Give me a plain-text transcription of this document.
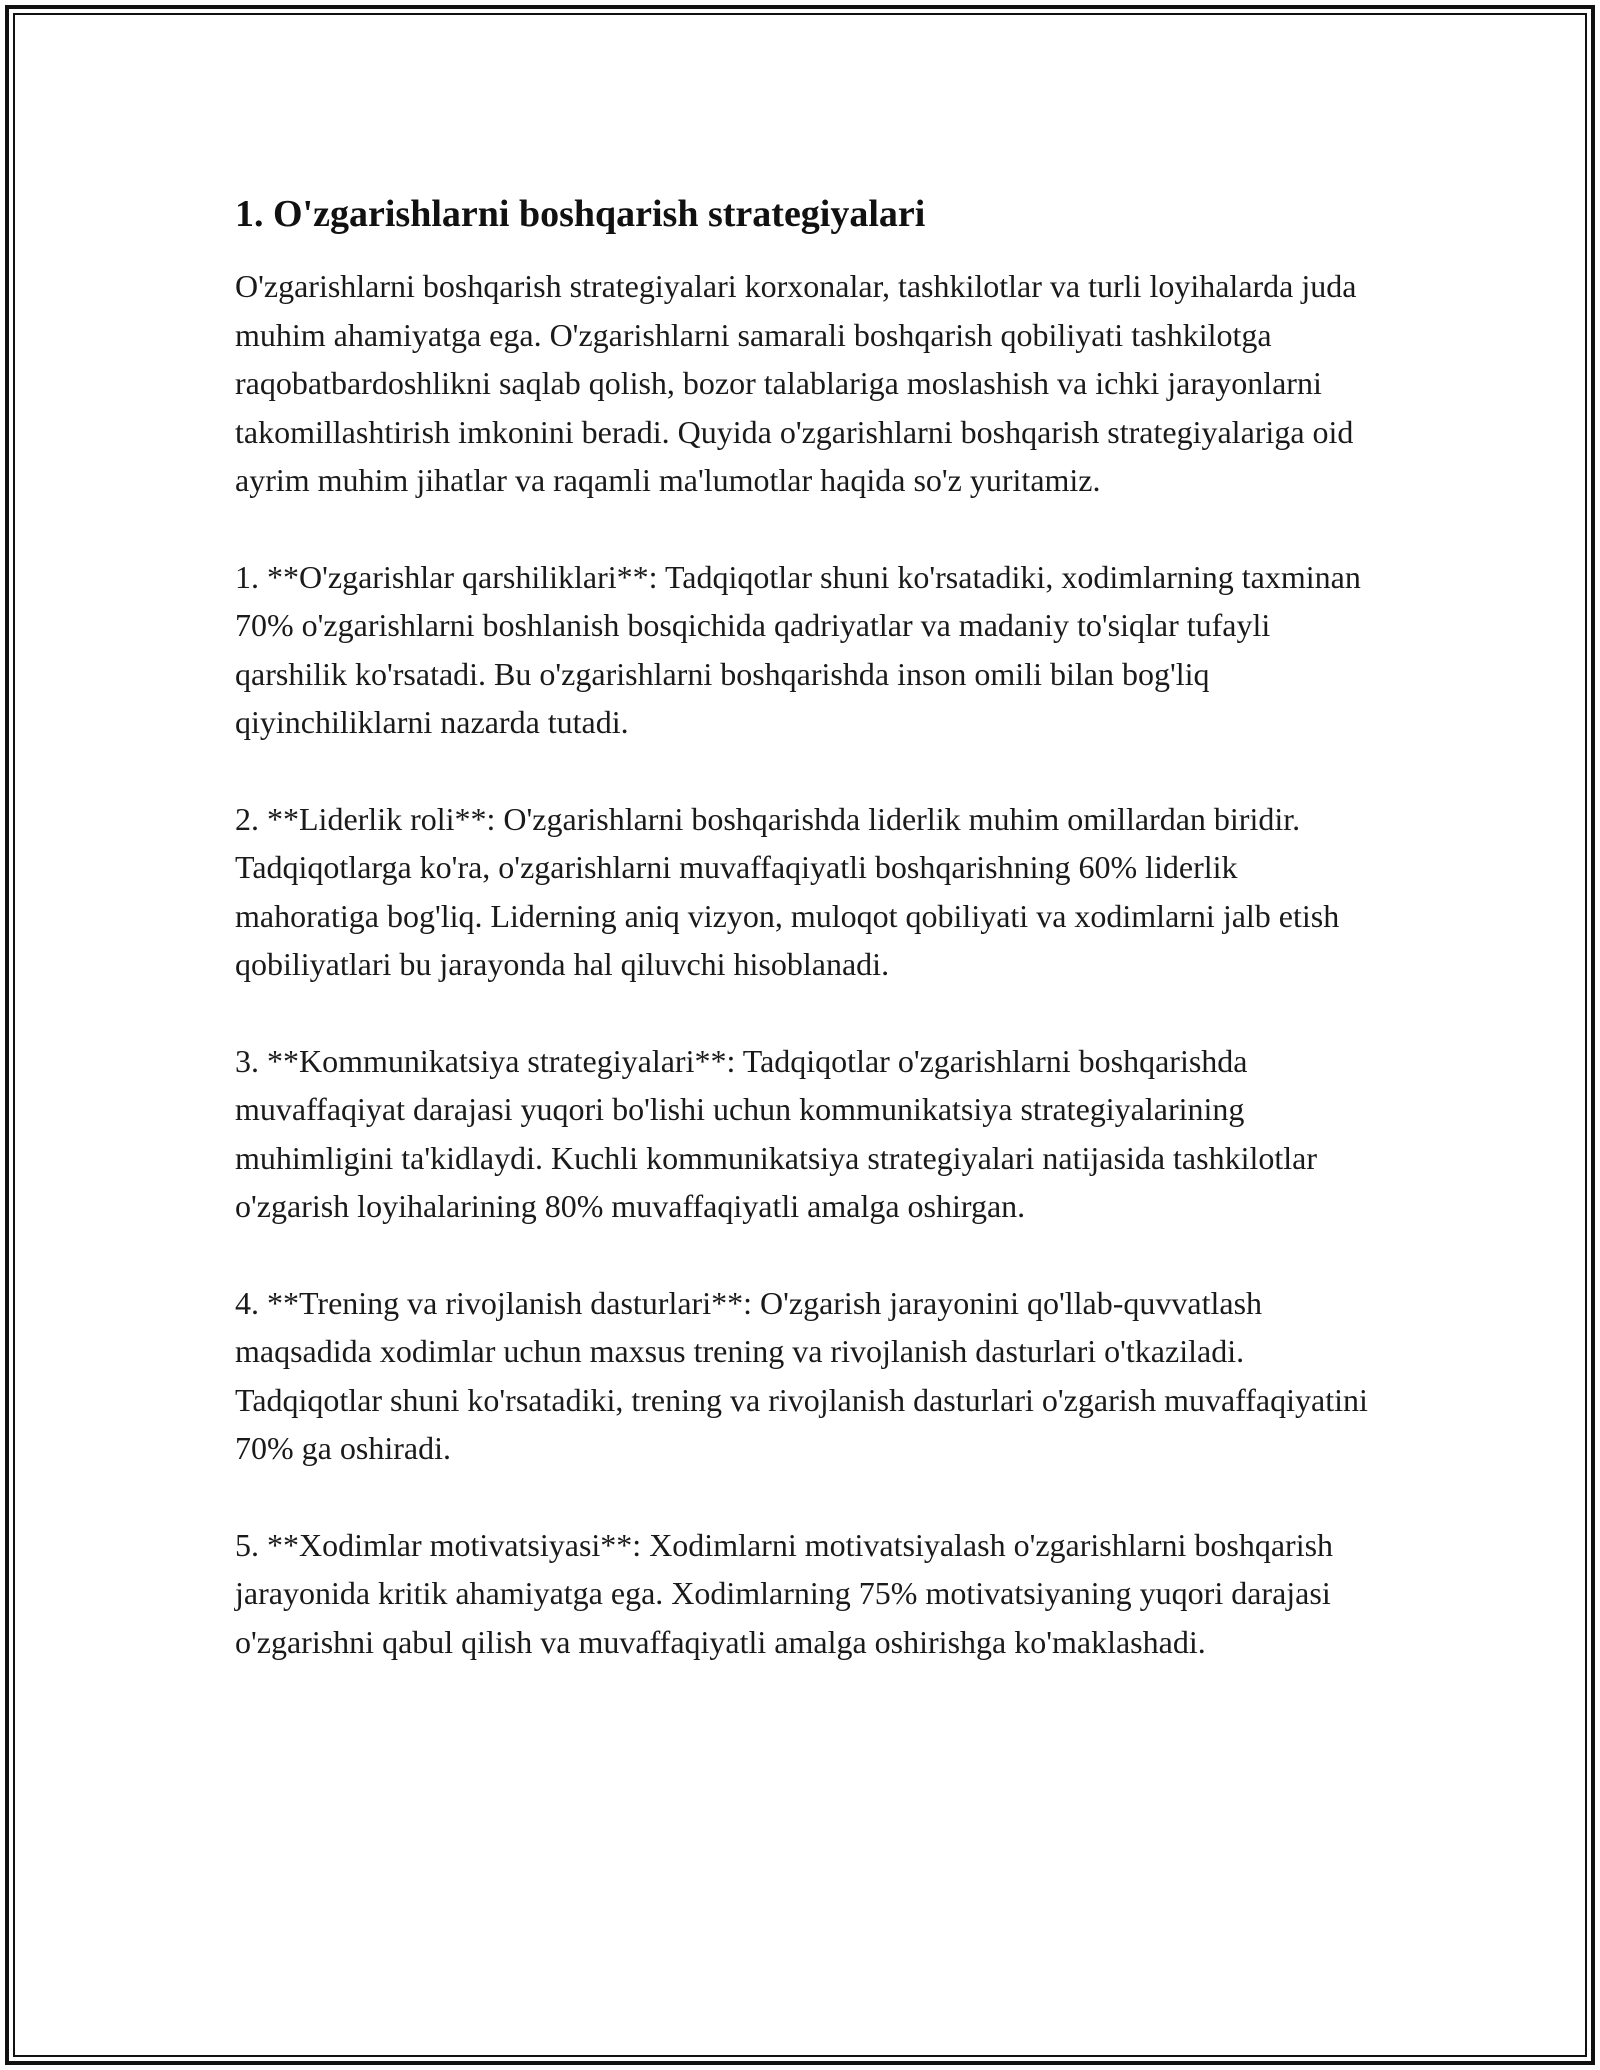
1. O'zgarishlarni boshqarish strategiyalari

O'zgarishlarni boshqarish strategiyalari korxonalar, tashkilotlar va turli loyihalarda juda muhim ahamiyatga ega. O'zgarishlarni samarali boshqarish qobiliyati tashkilotga raqobatbardoshlikni saqlab qolish, bozor talablariga moslashish va ichki jarayonlarni takomillashtirish imkonini beradi. Quyida o'zgarishlarni boshqarish strategiyalariga oid ayrim muhim jihatlar va raqamli ma'lumotlar haqida so'z yuritamiz.

1. **O'zgarishlar qarshiliklari**: Tadqiqotlar shuni ko'rsatadiki, xodimlarning taxminan 70% o'zgarishlarni boshlanish bosqichida qadriyatlar va madaniy to'siqlar tufayli qarshilik ko'rsatadi. Bu o'zgarishlarni boshqarishda inson omili bilan bog'liq qiyinchiliklarni nazarda tutadi.

2. **Liderlik roli**: O'zgarishlarni boshqarishda liderlik muhim omillardan biridir. Tadqiqotlarga ko'ra, o'zgarishlarni muvaffaqiyatli boshqarishning 60% liderlik mahoratiga bog'liq. Liderning aniq vizyon, muloqot qobiliyati va xodimlarni jalb etish qobiliyatlari bu jarayonda hal qiluvchi hisoblanadi.

3. **Kommunikatsiya strategiyalari**: Tadqiqotlar o'zgarishlarni boshqarishda muvaffaqiyat darajasi yuqori bo'lishi uchun kommunikatsiya strategiyalarining muhimligini ta'kidlaydi. Kuchli kommunikatsiya strategiyalari natijasida tashkilotlar o'zgarish loyihalarining 80% muvaffaqiyatli amalga oshirgan.

4. **Trening va rivojlanish dasturlari**: O'zgarish jarayonini qo'llab-quvvatlash maqsadida xodimlar uchun maxsus trening va rivojlanish dasturlari o'tkaziladi. Tadqiqotlar shuni ko'rsatadiki, trening va rivojlanish dasturlari o'zgarish muvaffaqiyatini 70% ga oshiradi.

5. **Xodimlar motivatsiyasi**: Xodimlarni motivatsiyalash o'zgarishlarni boshqarish jarayonida kritik ahamiyatga ega. Xodimlarning 75% motivatsiyaning yuqori darajasi o'zgarishni qabul qilish va muvaffaqiyatli amalga oshirishga ko'maklashadi.
